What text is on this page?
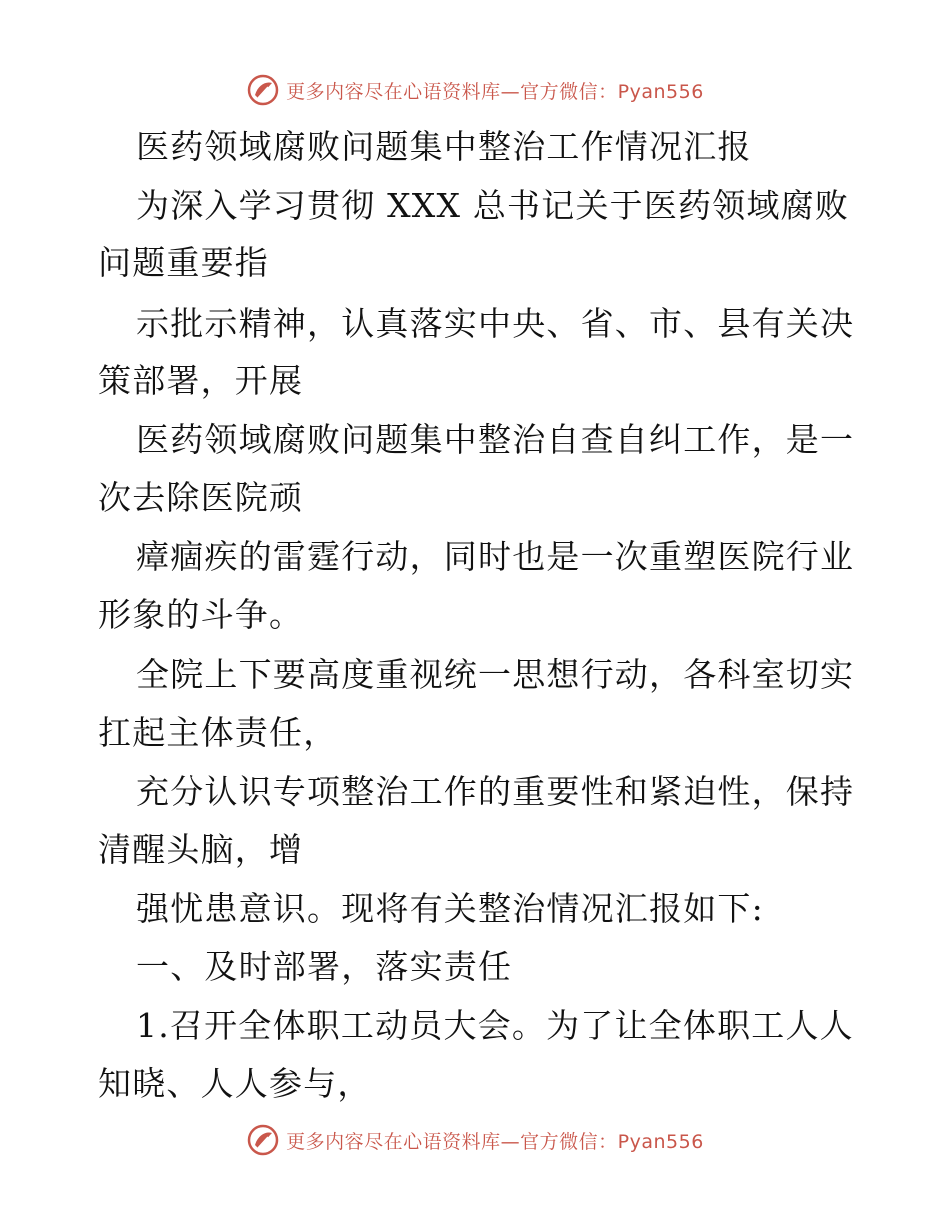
更多内容尽在心语资料库—官方微信：Pyan556
医药领域腐败问题集中整治工作情况汇报
为深入学习贯彻 XXX 总书记关于医药领域腐败
问题重要指
示批示精神，认真落实中央、省、市、县有关决
策部署，开展
医药领域腐败问题集中整治自查自纠工作，是一
次去除医院顽
瘴痼疾的雷霆行动，同时也是一次重塑医院行业
形象的斗争。
全院上下要高度重视统一思想行动，各科室切实
扛起主体责任，
充分认识专项整治工作的重要性和紧迫性，保持
清醒头脑，增
强忧患意识。现将有关整治情况汇报如下:
一、及时部署，落实责任
1.召开全体职工动员大会。为了让全体职工人人
知晓、人人参与，
更多内容尽在心语资料库—官方微信：Pyan556
